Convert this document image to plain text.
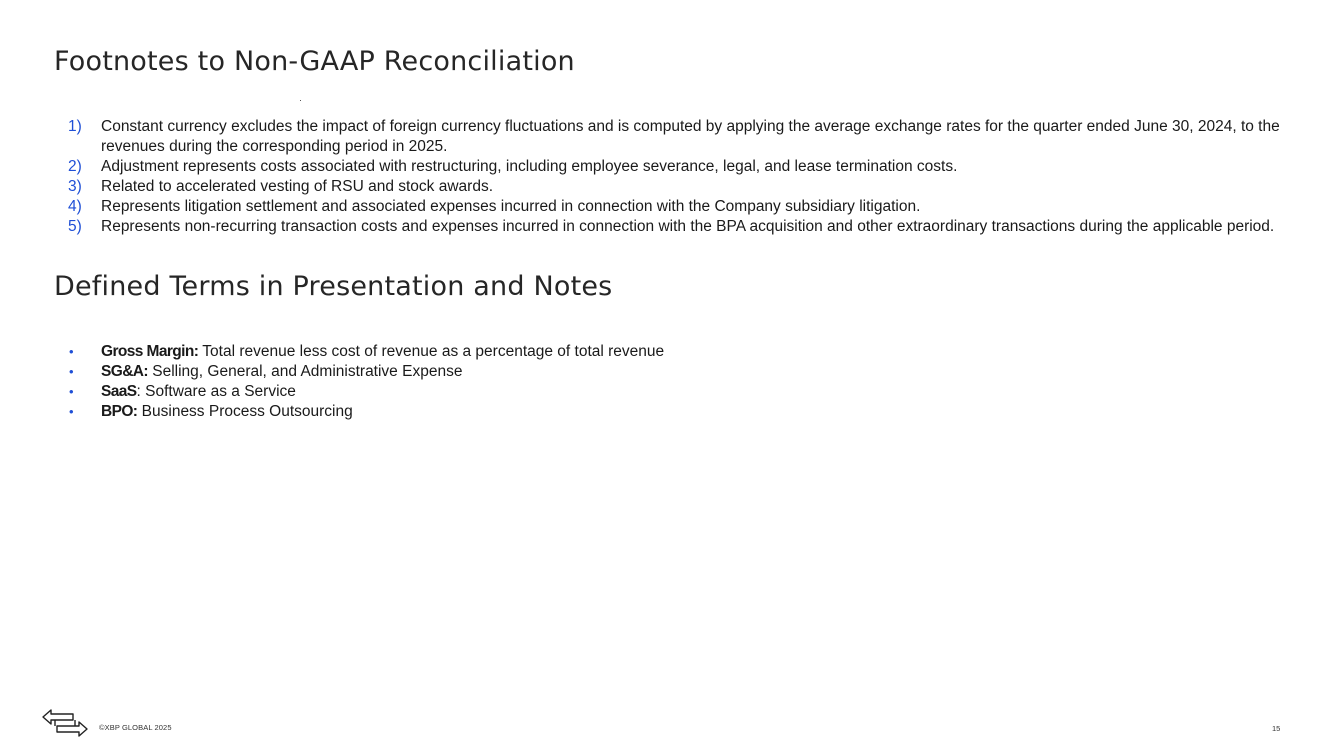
Footnotes to Non-GAAP Reconciliation
1)	Constant currency excludes the impact of foreign currency fluctuations and is computed by applying the average exchange rates for the quarter ended June 30, 2024, to the revenues during the corresponding period in 2025.
2)	Adjustment represents costs associated with restructuring, including employee severance, legal, and lease termination costs.
3)	Related to accelerated vesting of RSU and stock awards.
4)	Represents litigation settlement and associated expenses incurred in connection with the Company subsidiary litigation.
5)	Represents non-recurring transaction costs and expenses incurred in connection with the BPA acquisition and other extraordinary transactions during the applicable period.
Defined Terms in Presentation and Notes
•	Gross Margin: Total revenue less cost of revenue as a percentage of total revenue
•	SG&A: Selling, General, and Administrative Expense
•	SaaS: Software as a Service
•	BPO: Business Process Outsourcing
©XBP GLOBAL 2025	15
